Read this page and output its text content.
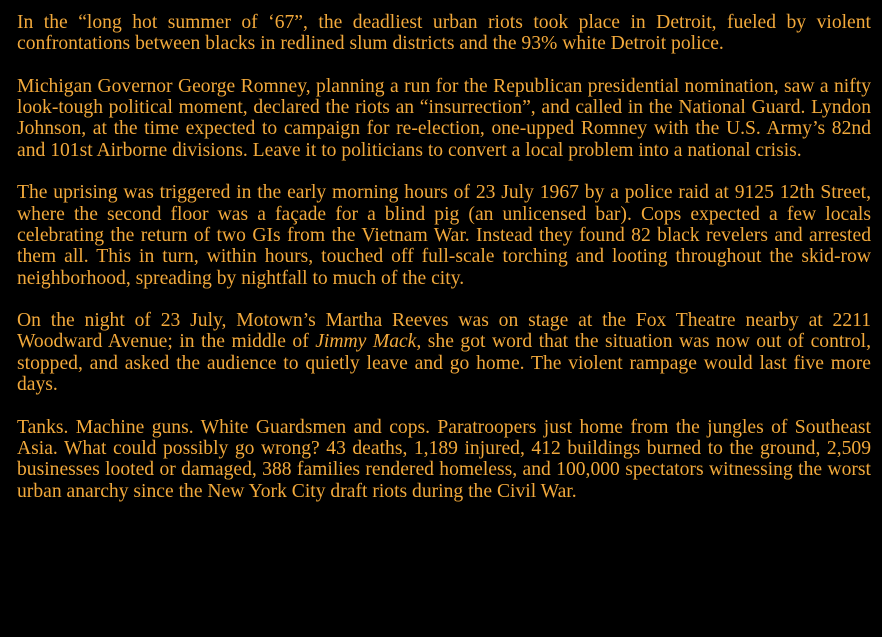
In the “long hot summer of ‘67”, the deadliest urban riots took place in Detroit, fueled by violent confrontations between blacks in redlined slum districts and the 93% white Detroit police.

Michigan Governor George Romney, planning a run for the Republican presidential nomination, saw a nifty look-tough political moment, declared the riots an “insurrection”, and called in the National Guard. Lyndon Johnson, at the time expected to campaign for re-election, one-upped Romney with the U.S. Army’s 82nd and 101st Airborne divisions. Leave it to politicians to convert a local problem into a national crisis.

The uprising was triggered in the early morning hours of 23 July 1967 by a police raid at 9125 12th Street, where the second floor was a façade for a blind pig (an unlicensed bar). Cops expected a few locals celebrating the return of two GIs from the Vietnam War. Instead they found 82 black revelers and arrested them all. This in turn, within hours, touched off full-scale torching and looting throughout the skid-row neighborhood, spreading by nightfall to much of the city.

On the night of 23 July, Motown’s Martha Reeves was on stage at the Fox Theatre nearby at 2211 Woodward Avenue; in the middle of Jimmy Mack, she got word that the situation was now out of control, stopped, and asked the audience to quietly leave and go home. The violent rampage would last five more days.

Tanks. Machine guns. White Guardsmen and cops. Paratroopers just home from the jungles of Southeast Asia. What could possibly go wrong? 43 deaths, 1,189 injured, 412 buildings burned to the ground, 2,509 businesses looted or damaged, 388 families rendered homeless, and 100,000 spectators witnessing the worst urban anarchy since the New York City draft riots during the Civil War.
